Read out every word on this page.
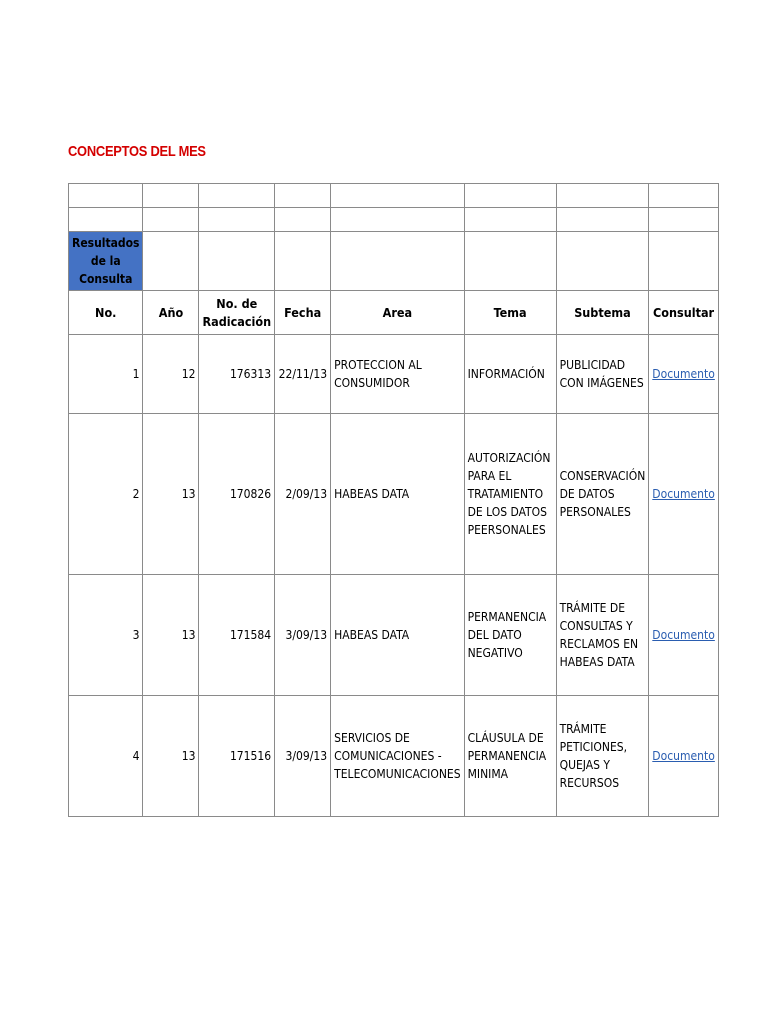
CONCEPTOS DEL MES

Resultados de la Consulta							
No.	Año	No. de Radicación	Fecha	Area	Tema	Subtema	Consultar
1	12	176313	22/11/13	PROTECCION AL CONSUMIDOR	INFORMACIÓN	PUBLICIDAD CON IMÁGENES	Documento
2	13	170826	2/09/13	HABEAS DATA	AUTORIZACIÓN PARA EL TRATAMIENTO DE LOS DATOS PEERSONALES	CONSERVACIÓN DE DATOS PERSONALES	Documento
3	13	171584	3/09/13	HABEAS DATA	PERMANENCIA DEL DATO NEGATIVO	TRÁMITE DE CONSULTAS Y RECLAMOS EN HABEAS DATA	Documento
4	13	171516	3/09/13	SERVICIOS DE COMUNICACIONES - TELECOMUNICACIONES	CLÁUSULA DE PERMANENCIA MINIMA	TRÁMITE PETICIONES, QUEJAS Y RECURSOS	Documento
